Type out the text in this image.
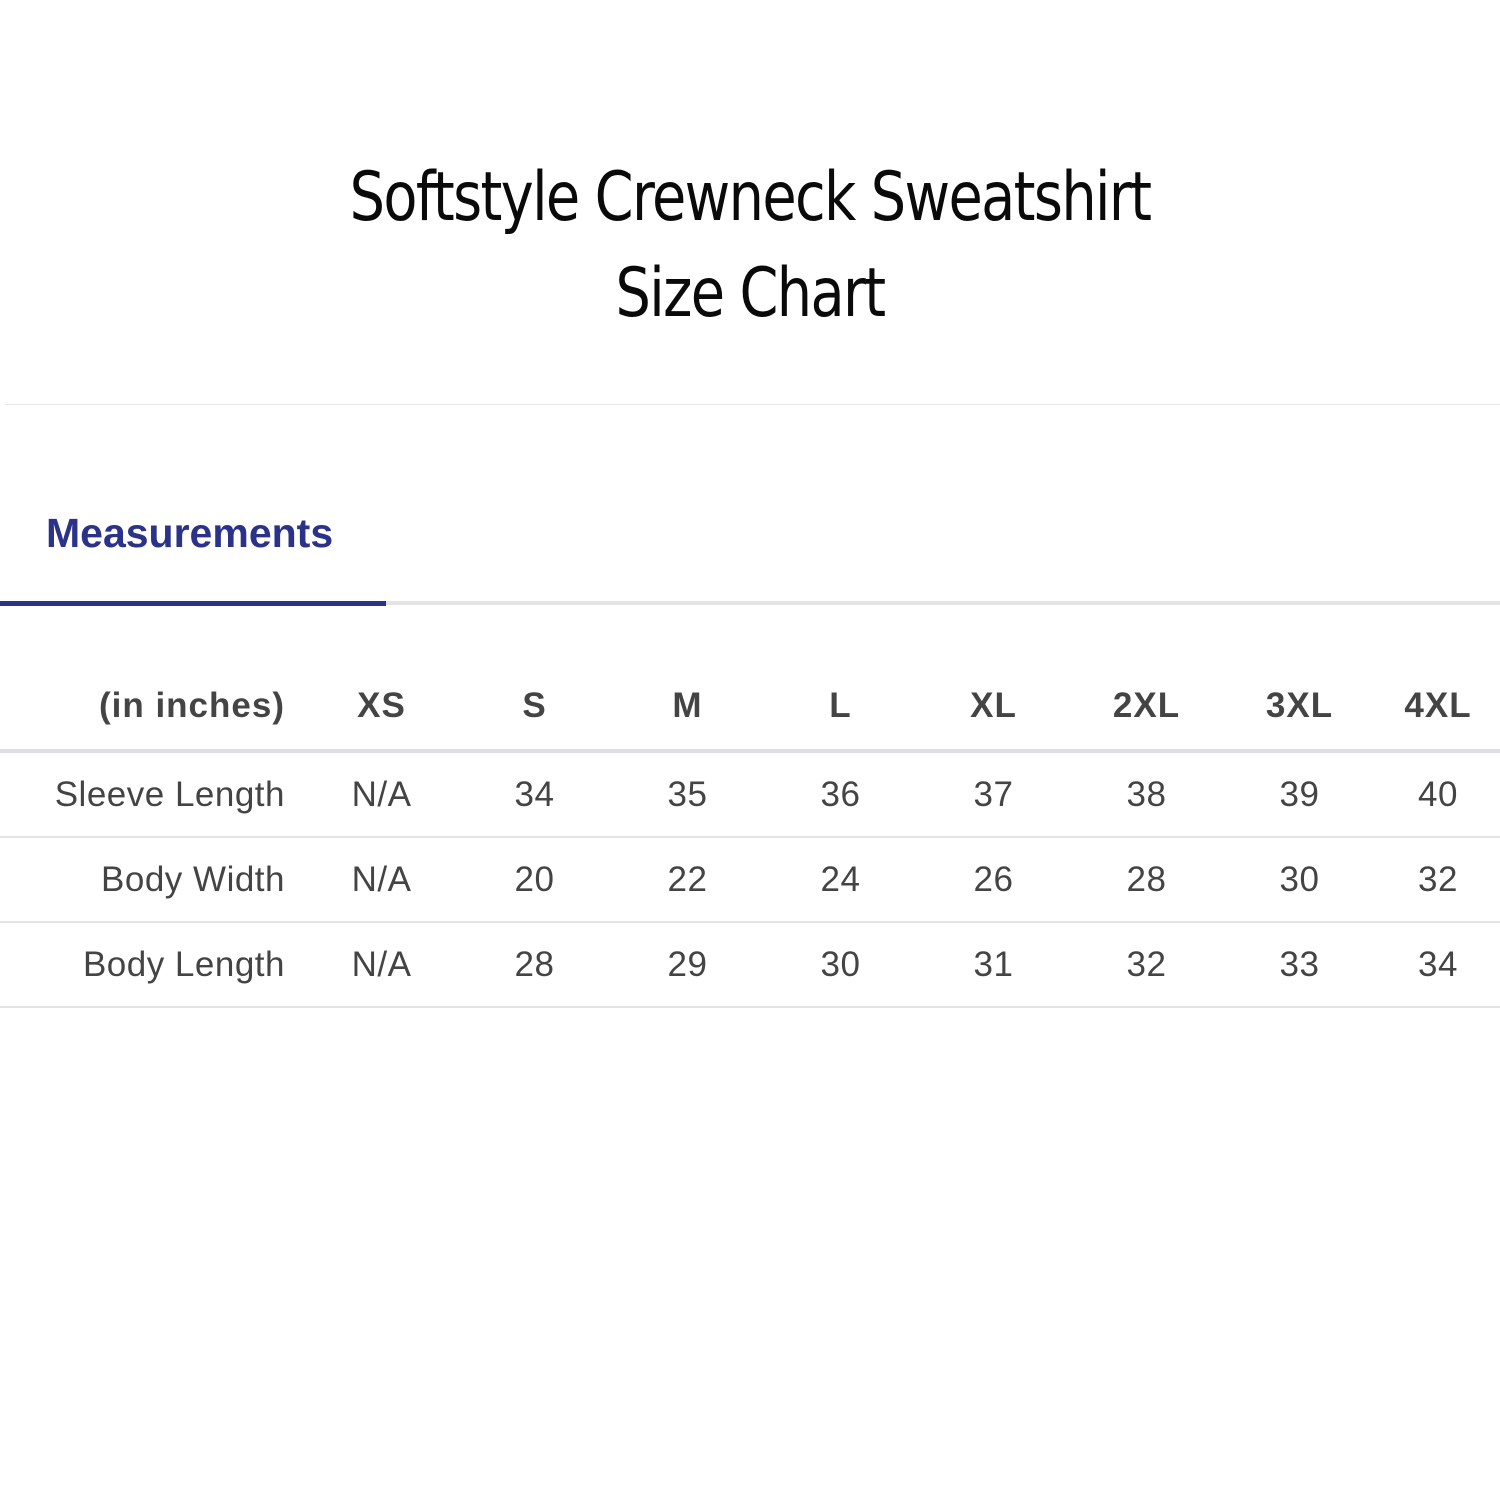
Softstyle Crewneck Sweatshirt
Size Chart
Measurements
(in inches)	XS	S	M	L	XL	2XL	3XL	4XL
Sleeve Length	N/A	34	35	36	37	38	39	40
Body Width	N/A	20	22	24	26	28	30	32
Body Length	N/A	28	29	30	31	32	33	34
